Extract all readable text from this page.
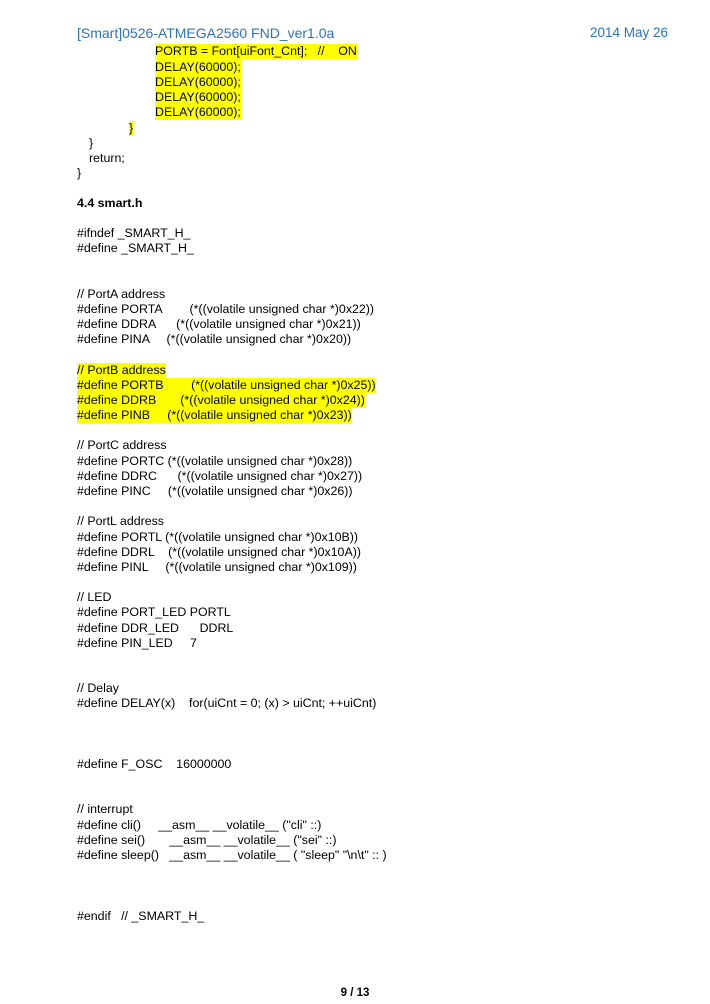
[Smart]0526-ATMEGA2560 FND_ver1.0a	2014 May 26
PORTB = Font[uiFont_Cnt];   //    ON
DELAY(60000);
DELAY(60000);
DELAY(60000);
DELAY(60000);
}
}
return;
}
4.4 smart.h
#ifndef _SMART_H_
#define _SMART_H_
// PortA address
#define PORTA        (*((volatile unsigned char *)0x22))
#define DDRA      (*((volatile unsigned char *)0x21))
#define PINA     (*((volatile unsigned char *)0x20))
// PortB address
#define PORTB        (*((volatile unsigned char *)0x25))
#define DDRB       (*((volatile unsigned char *)0x24))
#define PINB     (*((volatile unsigned char *)0x23))
// PortC address
#define PORTC (*((volatile unsigned char *)0x28))
#define DDRC      (*((volatile unsigned char *)0x27))
#define PINC     (*((volatile unsigned char *)0x26))
// PortL address
#define PORTL (*((volatile unsigned char *)0x10B))
#define DDRL    (*((volatile unsigned char *)0x10A))
#define PINL     (*((volatile unsigned char *)0x109))
// LED
#define PORT_LED PORTL
#define DDR_LED      DDRL
#define PIN_LED     7
// Delay
#define DELAY(x)    for(uiCnt = 0; (x) > uiCnt; ++uiCnt)
#define F_OSC    16000000
// interrupt
#define cli()     __asm__ __volatile__ ("cli" ::)
#define sei()       __asm__ __volatile__ ("sei" ::)
#define sleep()   __asm__ __volatile__ ( "sleep" "\n\t" :: )
#endif   // _SMART_H_
9 / 13
